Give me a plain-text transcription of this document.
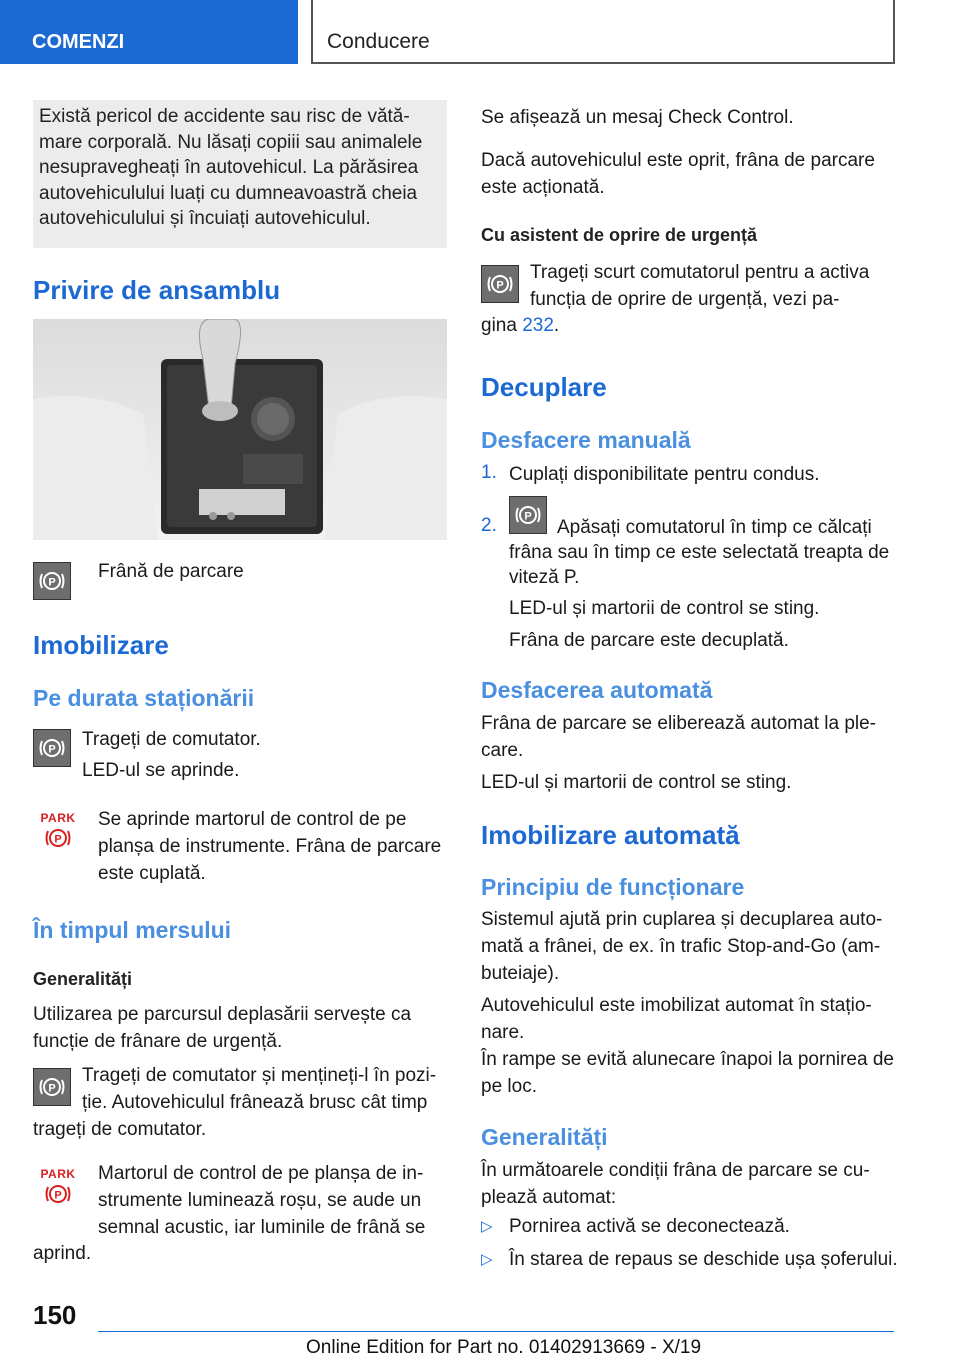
COMENZI	Conducere
Există pericol de accidente sau risc de vătă-
mare corporală. Nu lăsați copiii sau animalele
nesupravegheați în autovehicul. La părăsirea
autovehiculului luați cu dumneavoastră cheia
autovehiculului și încuiați autovehiculul.
Privire de ansamblu
P
Frână de parcare
Imobilizare
Pe durata staționării
P Trageți de comutator.
LED-ul se aprinde.
PARK
P
Se aprinde martorul de control de pe
planșa de instrumente. Frâna de parcare
este cuplată.
În timpul mersului
Generalități
Utilizarea pe parcursul deplasării servește ca
funcție de frânare de urgență.
P
Trageți de comutator și mențineți-l în pozi-
ție. Autovehiculul frânează brusc cât timp
trageți de comutator.
PARK
P
Martorul de control de pe planșa de in-
strumente luminează roșu, se aude un
semnal acustic, iar luminile de frână se
aprind.
Se afișează un mesaj Check Control.
Dacă autovehiculul este oprit, frâna de parcare
este acționată.
Cu asistent de oprire de urgență
P
Trageți scurt comutatorul pentru a activa
funcția de oprire de urgență, vezi pa-
gina 232.
Decuplare
Desfacere manuală
1. Cuplați disponibilitate pentru condus.
2. P
Apăsați comutatorul în timp ce călcați
frâna sau în timp ce este selectată treapta de
viteză P.
LED-ul și martorii de control se sting.
Frâna de parcare este decuplată.
Desfacerea automată
Frâna de parcare se eliberează automat la ple-
care.
LED-ul și martorii de control se sting.
Imobilizare automată
Principiu de funcționare
Sistemul ajută prin cuplarea și decuplarea auto-
mată a frânei, de ex. în trafic Stop-and-Go (am-
buteiaje).
Autovehiculul este imobilizat automat în stațio-
nare.
În rampe se evită alunecare înapoi la pornirea de
pe loc.
Generalități
În următoarele condiții frâna de parcare se cu-
plează automat:
▷ Pornirea activă se deconectează.
▷ În starea de repaus se deschide ușa șoferului.
150
Online Edition for Part no. 01402913669 - X/19
